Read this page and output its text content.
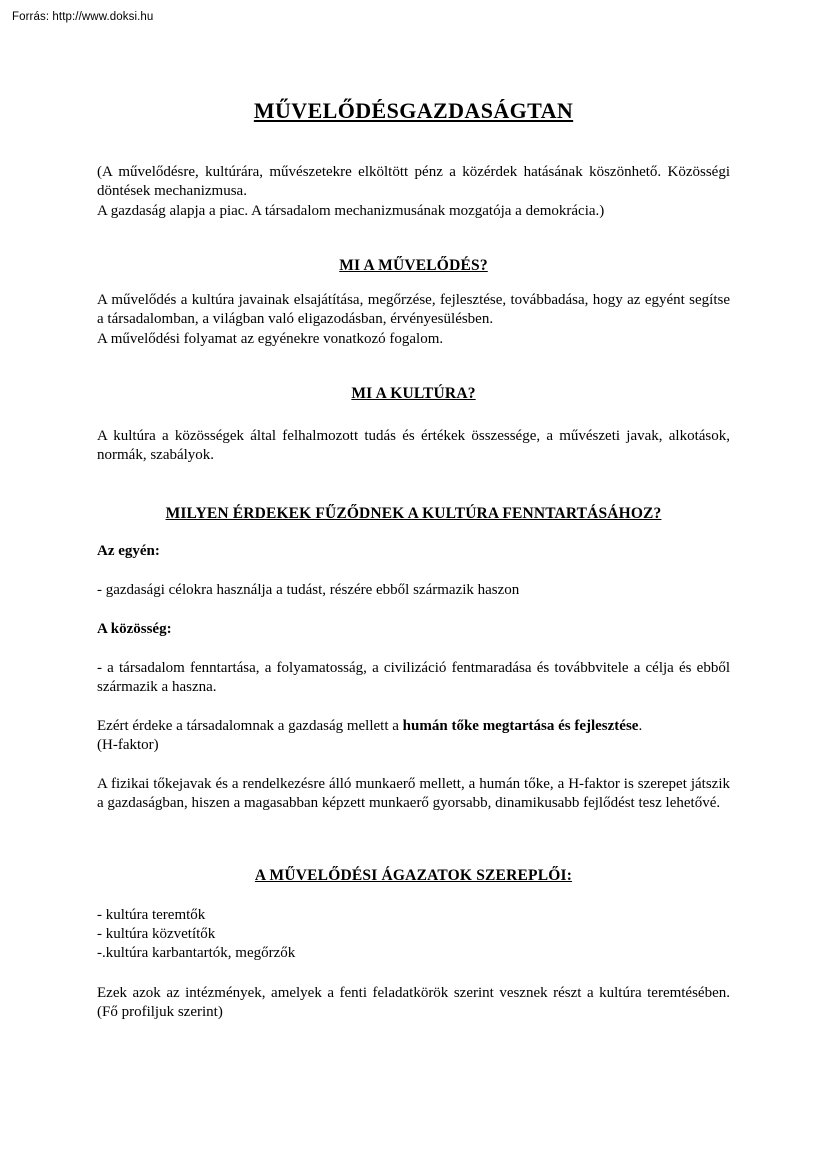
Forrás: http://www.doksi.hu
MŰVELŐDÉSGAZDASÁGTAN
(A művelődésre, kultúrára, művészetekre elköltött pénz a közérdek hatásának köszönhető. Közösségi döntések mechanizmusa.
A gazdaság alapja a piac. A társadalom mechanizmusának mozgatója a demokrácia.)
MI A MŰVELŐDÉS?
A művelődés a kultúra javainak elsajátítása, megőrzése, fejlesztése, továbbadása, hogy az egyént segítse a társadalomban, a világban való eligazodásban, érvényesülésben.
A művelődési folyamat az egyénekre vonatkozó fogalom.
MI A KULTÚRA?
A kultúra a közösségek által felhalmozott tudás és értékek összessége, a művészeti javak, alkotások, normák, szabályok.
MILYEN ÉRDEKEK FŰZŐDNEK A KULTÚRA FENNTARTÁSÁHOZ?
Az egyén:
- gazdasági célokra használja a tudást, részére ebből származik haszon
A közösség:
- a társadalom fenntartása, a folyamatosság, a civilizáció fentmaradása és továbbvitele a célja és ebből származik a haszna.
Ezért érdeke a társadalomnak a gazdaság mellett a humán tőke megtartása és fejlesztése.
(H-faktor)
A fizikai tőkejavak és a rendelkezésre álló munkaerő mellett, a humán tőke, a H-faktor is szerepet játszik a gazdaságban, hiszen a magasabban képzett munkaerő gyorsabb, dinamikusabb fejlődést tesz lehetővé.
A MŰVELŐDÉSI ÁGAZATOK SZEREPLŐI:
- kultúra teremtők
- kultúra közvetítők
-.kultúra karbantartók, megőrzők
Ezek azok az intézmények, amelyek a fenti feladatkörök szerint vesznek részt a kultúra teremtésében. (Fő profiljuk szerint)
